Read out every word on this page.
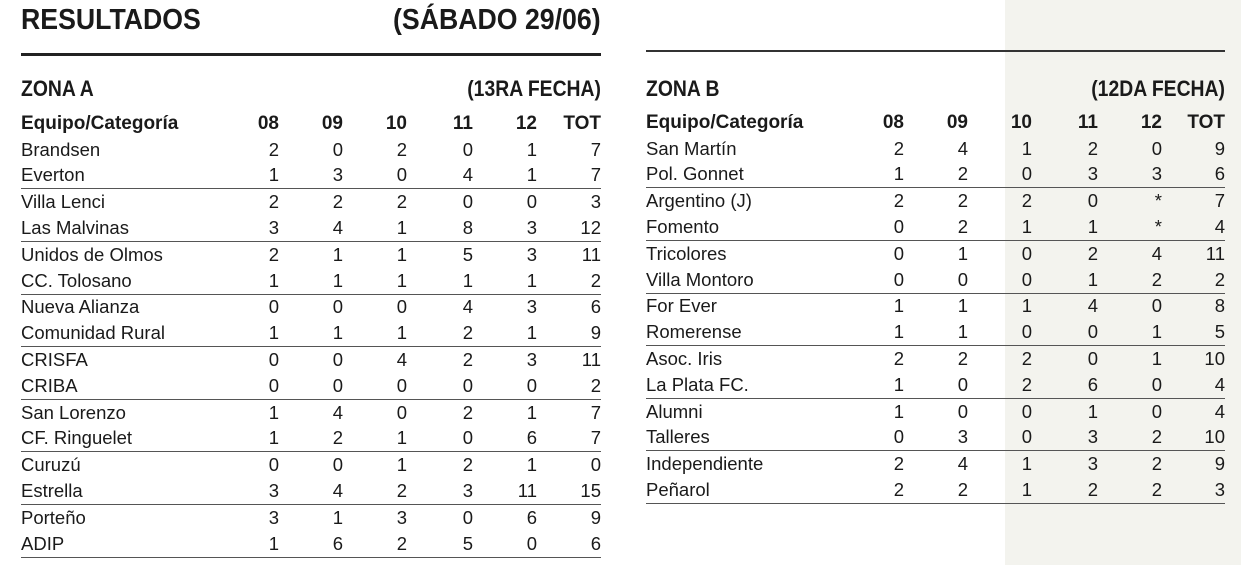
RESULTADOS	(SÁBADO 29/06)
ZONA A	(13RA FECHA)
Equipo/Categoría	08	09	10	11	12	TOT
Brandsen	2	0	2	0	1	7
Everton	1	3	0	4	1	7
Villa Lenci	2	2	2	0	0	3
Las Malvinas	3	4	1	8	3	12
Unidos de Olmos	2	1	1	5	3	11
CC. Tolosano	1	1	1	1	1	2
Nueva Alianza	0	0	0	4	3	6
Comunidad Rural	1	1	1	2	1	9
CRISFA	0	0	4	2	3	11
CRIBA	0	0	0	0	0	2
San Lorenzo	1	4	0	2	1	7
CF. Ringuelet	1	2	1	0	6	7
Curuzú	0	0	1	2	1	0
Estrella	3	4	2	3	11	15
Porteño	3	1	3	0	6	9
ADIP	1	6	2	5	0	6
ZONA B	(12DA FECHA)
Equipo/Categoría	08	09	10	11	12	TOT
San Martín	2	4	1	2	0	9
Pol. Gonnet	1	2	0	3	3	6
Argentino (J)	2	2	2	0	*	7
Fomento	0	2	1	1	*	4
Tricolores	0	1	0	2	4	11
Villa Montoro	0	0	0	1	2	2
For Ever	1	1	1	4	0	8
Romerense	1	1	0	0	1	5
Asoc. Iris	2	2	2	0	1	10
La Plata FC.	1	0	2	6	0	4
Alumni	1	0	0	1	0	4
Talleres	0	3	0	3	2	10
Independiente	2	4	1	3	2	9
Peñarol	2	2	1	2	2	3
